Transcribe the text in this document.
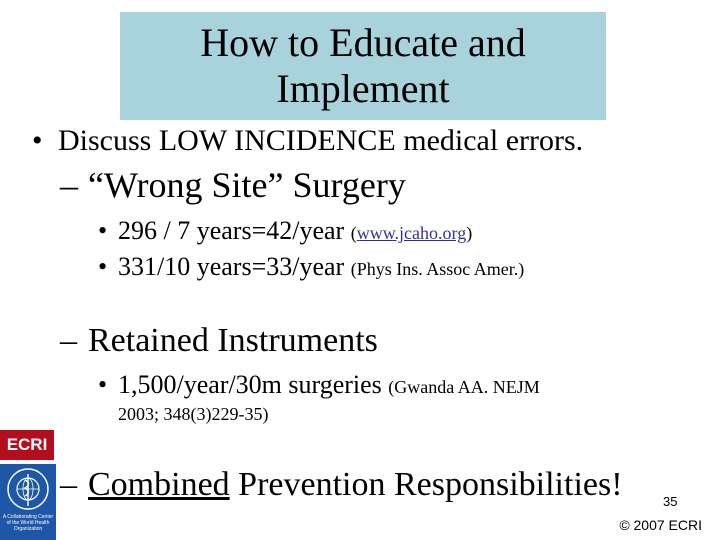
How to Educate and
Implement
• Discuss LOW INCIDENCE medical errors.
– “Wrong Site” Surgery
• 296 / 7 years=42/year (www.jcaho.org)
• 331/10 years=33/year (Phys Ins. Assoc Amer.)
– Retained Instruments
• 1,500/year/30m surgeries (Gwanda AA. NEJM
2003; 348(3)229-35)
– Combined Prevention Responsibilities!	35
© 2007 ECRI
ECRI
A Collaborating Center of the World Health Organization
